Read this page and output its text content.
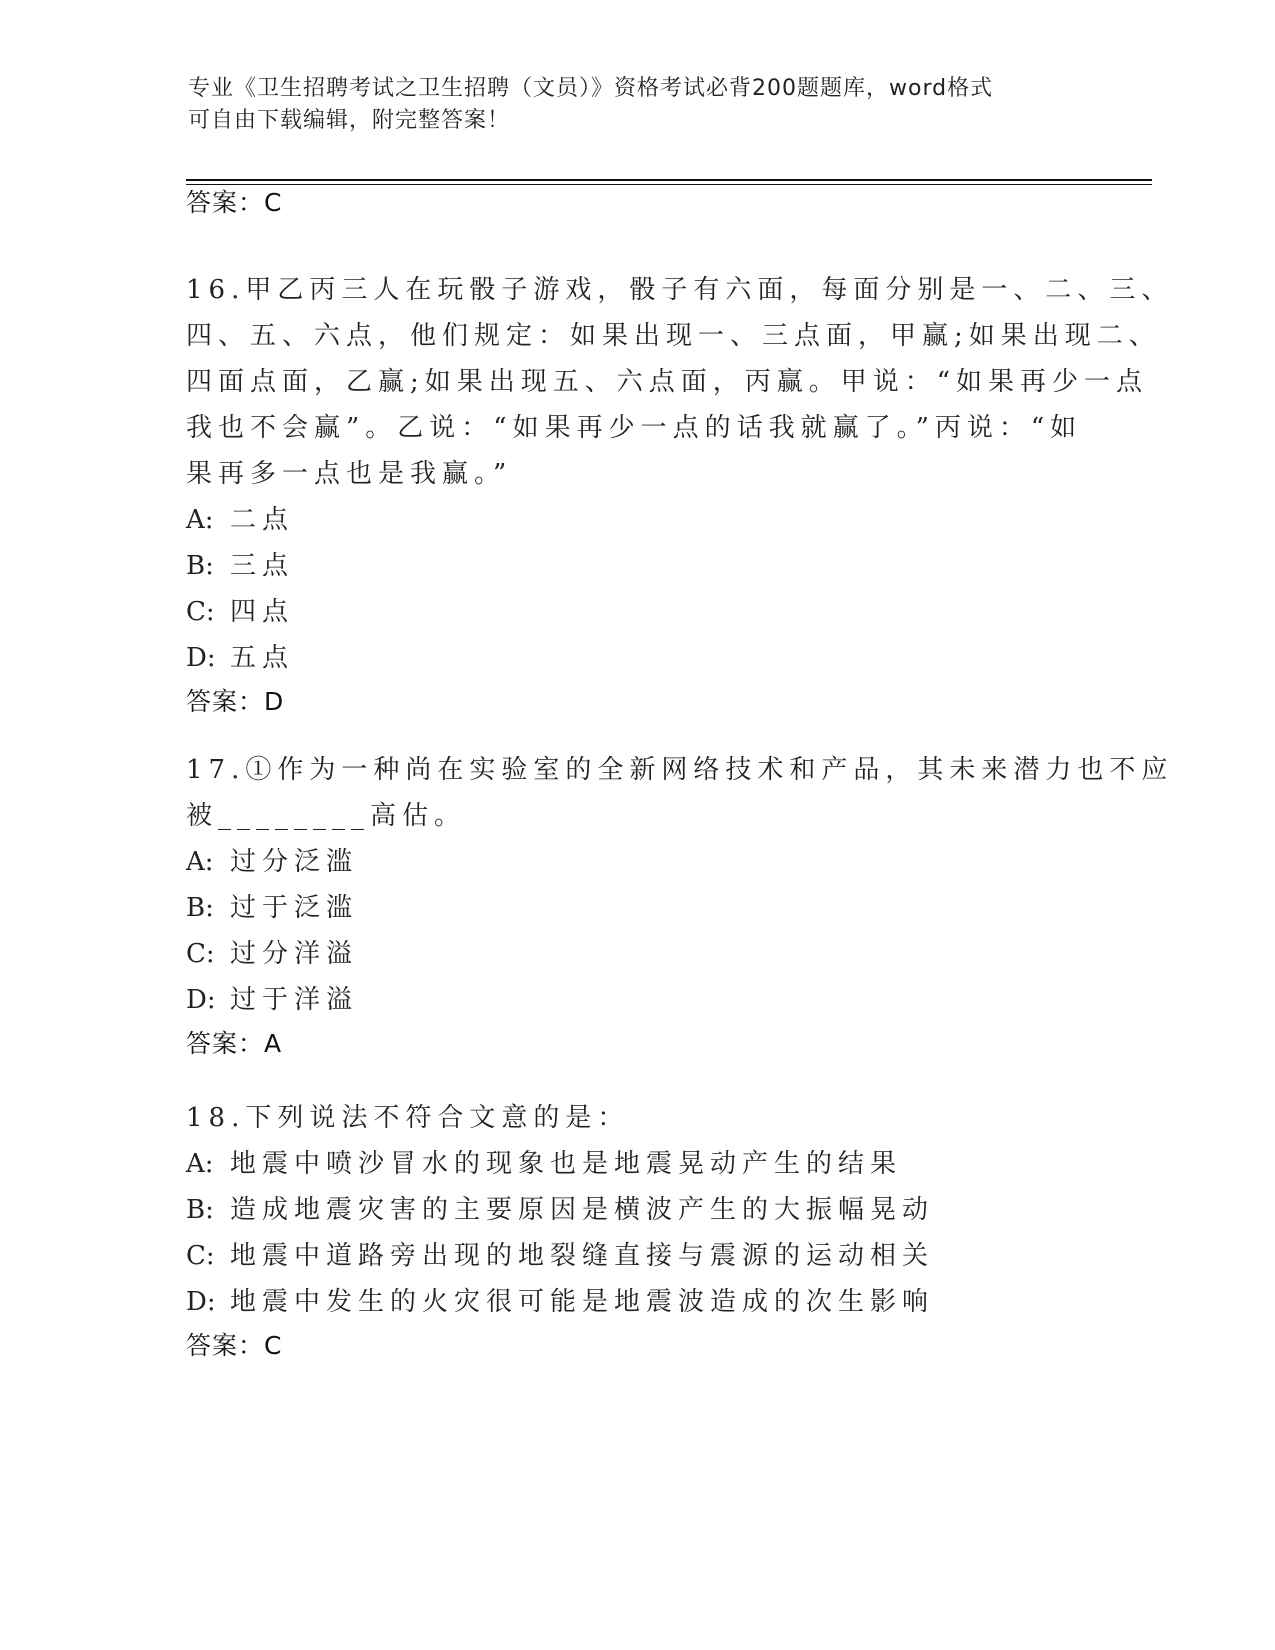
专业《卫生招聘考试之卫生招聘（文员）》资格考试必背200题题库，word格式
可自由下载编辑，附完整答案！
答案：C
16.甲乙丙三人在玩骰子游戏，骰子有六面，每面分别是一、二、三、
四、五、六点，他们规定：如果出现一、三点面，甲赢;如果出现二、
四面点面，乙赢;如果出现五、六点面，丙赢。甲说：“如果再少一点
我也不会赢”。乙说：“如果再少一点的话我就赢了。”丙说：“如
果再多一点也是我赢。”
A: 二点
B: 三点
C: 四点
D: 五点
答案：D
17.①作为一种尚在实验室的全新网络技术和产品，其未来潜力也不应
被________高估。
A: 过分泛滥
B: 过于泛滥
C: 过分洋溢
D: 过于洋溢
答案：A
18.下列说法不符合文意的是：
A: 地震中喷沙冒水的现象也是地震晃动产生的结果
B: 造成地震灾害的主要原因是横波产生的大振幅晃动
C: 地震中道路旁出现的地裂缝直接与震源的运动相关
D: 地震中发生的火灾很可能是地震波造成的次生影响
答案：C
